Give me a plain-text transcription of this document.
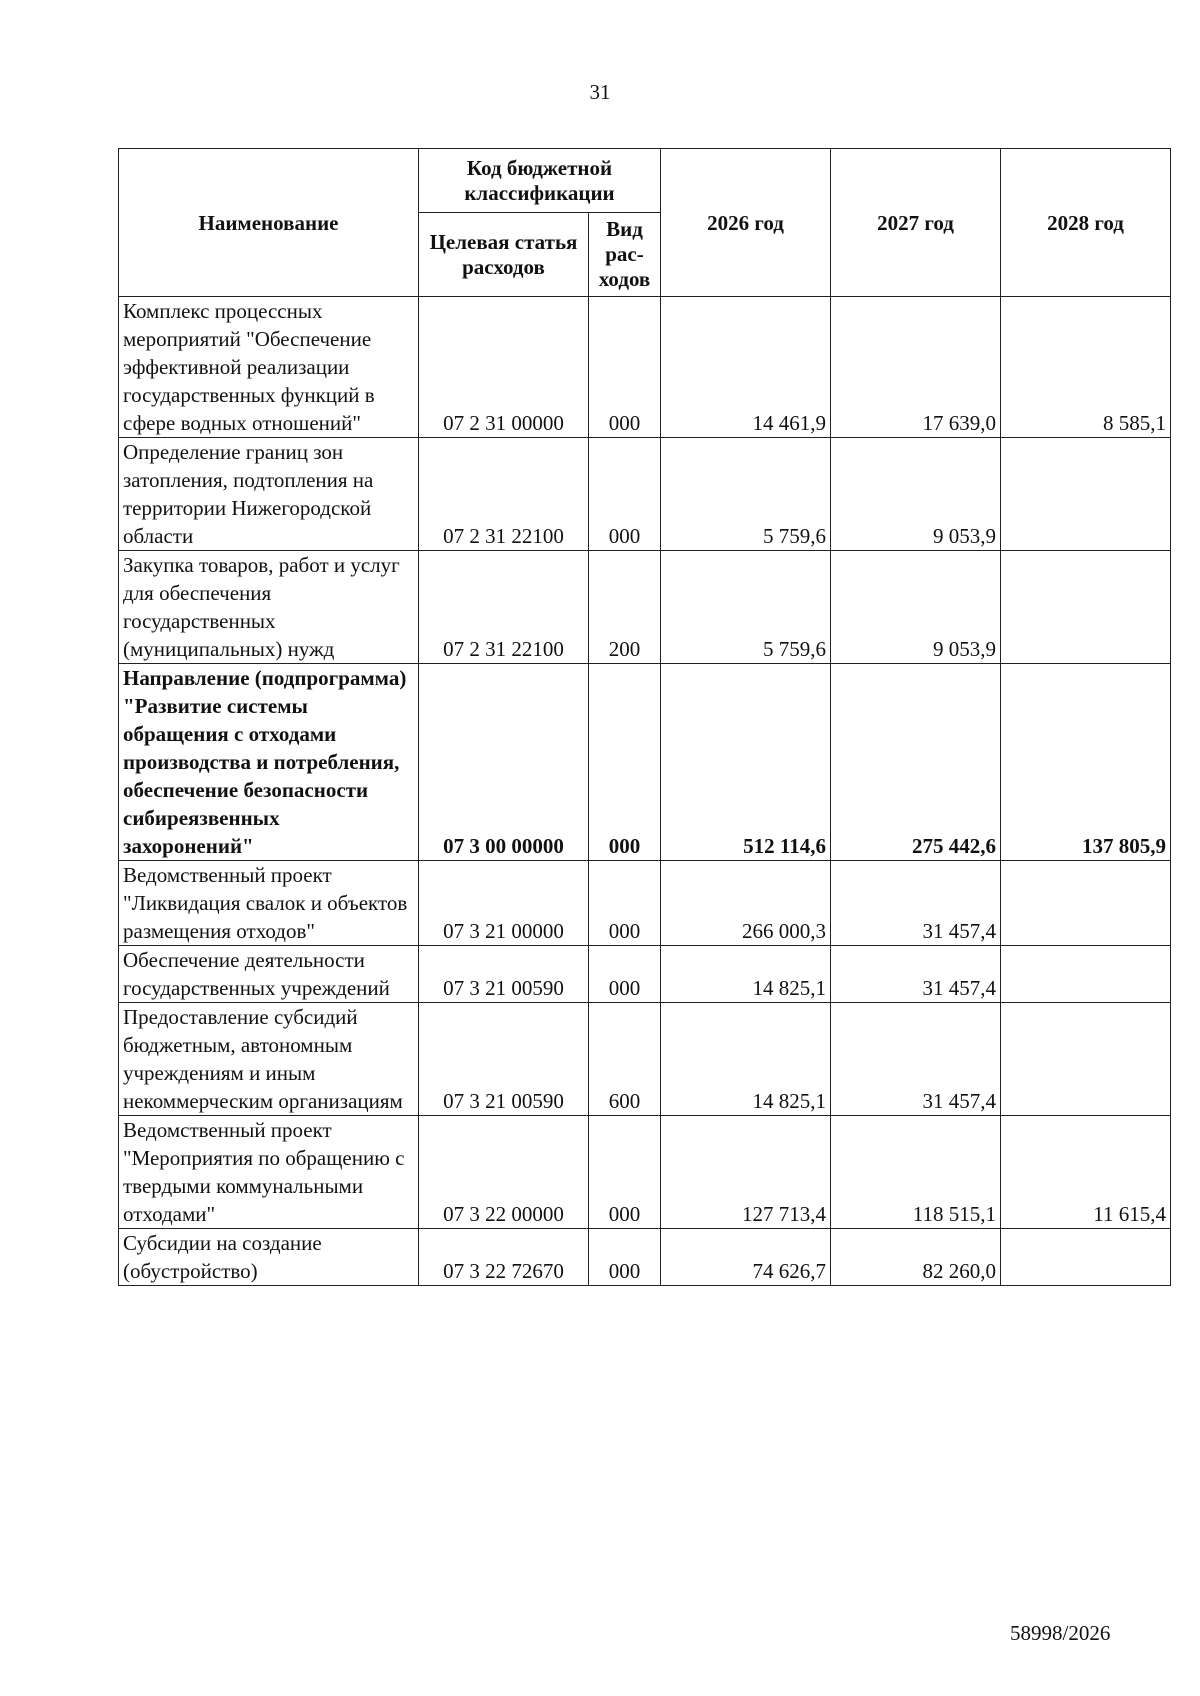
31
Наименование	Код бюджетной классификации		2026 год	2027 год	2028 год
	Целевая статья расходов	Вид рас-ходов			
Комплекс процессных мероприятий "Обеспечение эффективной реализации государственных функций в сфере водных отношений"	07 2 31 00000	000	14 461,9	17 639,0	8 585,1
Определение границ зон затопления, подтопления на территории Нижегородской области	07 2 31 22100	000	5 759,6	9 053,9	
Закупка товаров, работ и услуг для обеспечения государственных (муниципальных) нужд	07 2 31 22100	200	5 759,6	9 053,9	
Направление (подпрограмма) "Развитие системы обращения с отходами производства и потребления, обеспечение безопасности сибиреязвенных захоронений"	07 3 00 00000	000	512 114,6	275 442,6	137 805,9
Ведомственный проект "Ликвидация свалок и объектов размещения отходов"	07 3 21 00000	000	266 000,3	31 457,4	
Обеспечение деятельности государственных учреждений	07 3 21 00590	000	14 825,1	31 457,4	
Предоставление субсидий бюджетным, автономным учреждениям и иным некоммерческим организациям	07 3 21 00590	600	14 825,1	31 457,4	
Ведомственный проект "Мероприятия по обращению с твердыми коммунальными отходами"	07 3 22 00000	000	127 713,4	118 515,1	11 615,4
Субсидии на создание (обустройство)	07 3 22 72670	000	74 626,7	82 260,0	
58998/2026
